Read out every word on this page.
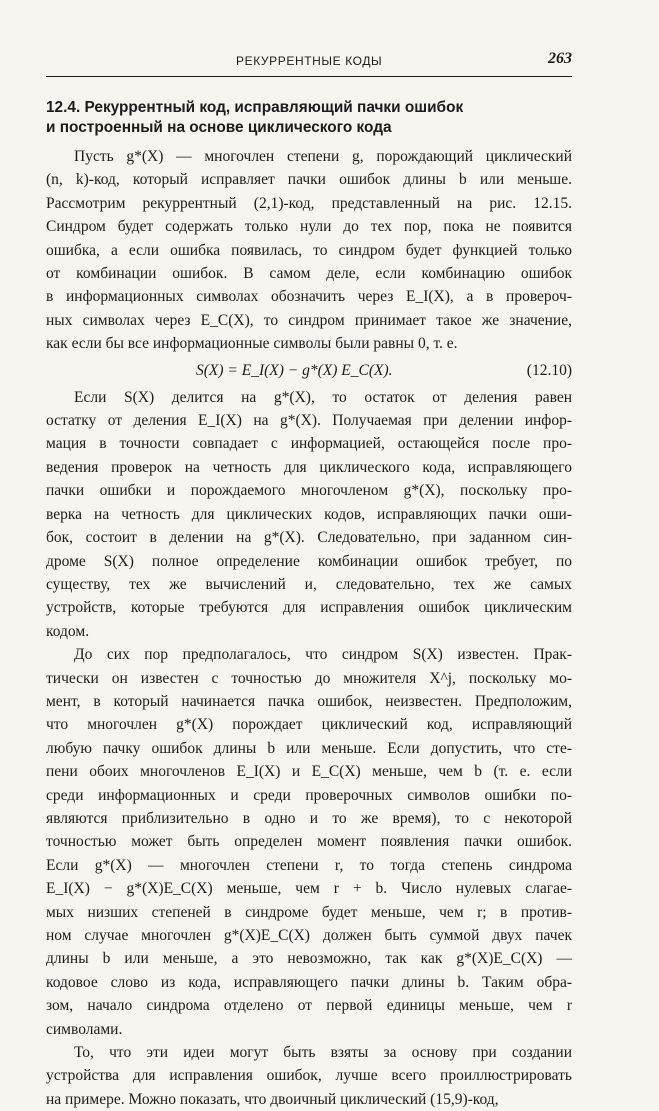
РЕКУРРЕНТНЫЕ КОДЫ	263
12.4. Рекуррентный код, исправляющий пачки ошибок
и построенный на основе циклического кода

Пусть g*(X) — многочлен степени g, порождающий циклический
(n, k)-код, который исправляет пачки ошибок длины b или меньше.
Рассмотрим рекуррентный (2,1)-код, представленный на рис. 12.15.
Синдром будет содержать только нули до тех пор, пока не появится
ошибка, а если ошибка появилась, то синдром будет функцией только
от комбинации ошибок. В самом деле, если комбинацию ошибок
в информационных символах обозначить через E_I(X), а в провероч-
ных символах через E_C(X), то синдром принимает такое же значение,
как если бы все информационные символы были равны 0, т. е.

S(X) = E_I(X) − g*(X) E_C(X).	(12.10)

Если S(X) делится на g*(X), то остаток от деления равен
остатку от деления E_I(X) на g*(X). Получаемая при делении инфор-
мация в точности совпадает с информацией, остающейся после про-
ведения проверок на четность для циклического кода, исправляющего
пачки ошибки и порождаемого многочленом g*(X), поскольку про-
верка на четность для циклических кодов, исправляющих пачки оши-
бок, состоит в делении на g*(X). Следовательно, при заданном син-
дроме S(X) полное определение комбинации ошибок требует, по
существу, тех же вычислений и, следовательно, тех же самых
устройств, которые требуются для исправления ошибок циклическим
кодом.

До сих пор предполагалось, что синдром S(X) известен. Прак-
тически он известен с точностью до множителя X^j, поскольку мо-
мент, в который начинается пачка ошибок, неизвестен. Предположим,
что многочлен g*(X) порождает циклический код, исправляющий
любую пачку ошибок длины b или меньше. Если допустить, что сте-
пени обоих многочленов E_I(X) и E_C(X) меньше, чем b (т. е. если
среди информационных и среди проверочных символов ошибки по-
являются приблизительно в одно и то же время), то с некоторой
точностью может быть определен момент появления пачки ошибок.
Если g*(X) — многочлен степени r, то тогда степень синдрома
E_I(X) − g*(X)E_C(X) меньше, чем r + b. Число нулевых слагае-
мых низших степеней в синдроме будет меньше, чем r; в против-
ном случае многочлен g*(X)E_C(X) должен быть суммой двух пачек
длины b или меньше, а это невозможно, так как g*(X)E_C(X) —
кодовое слово из кода, исправляющего пачки длины b. Таким обра-
зом, начало синдрома отделено от первой единицы меньше, чем r
символами.

То, что эти идеи могут быть взяты за основу при создании
устройства для исправления ошибок, лучше всего проиллюстрировать
на примере. Можно показать, что двоичный циклический (15,9)-код,
